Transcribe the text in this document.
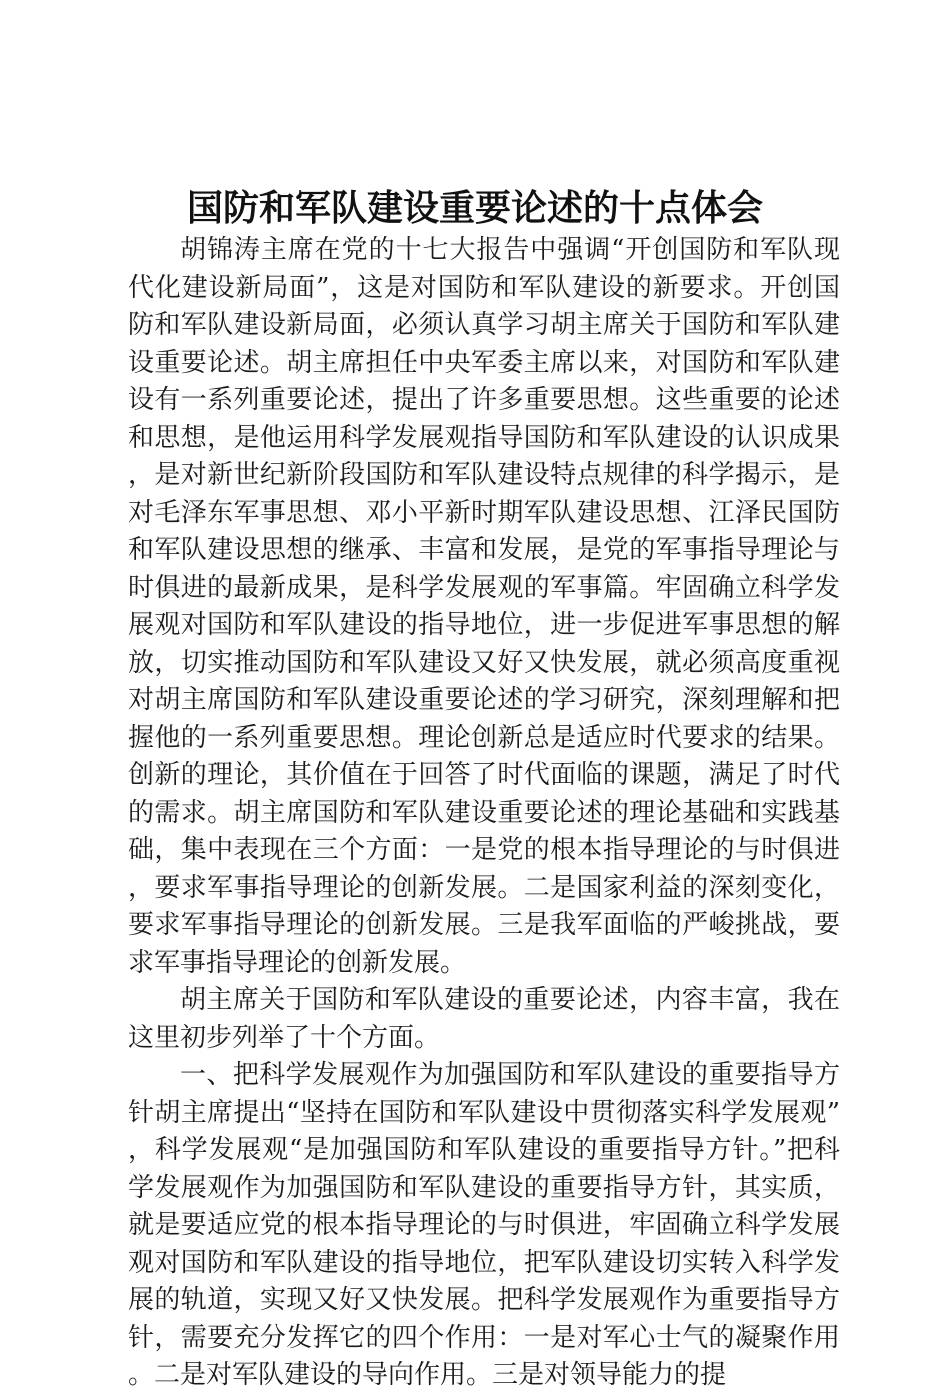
国防和军队建设重要论述的十点体会

胡锦涛主席在党的十七大报告中强调“开创国防和军队现代化建设新局面”，这是对国防和军队建设的新要求。开创国防和军队建设新局面，必须认真学习胡主席关于国防和军队建设重要论述。胡主席担任中央军委主席以来，对国防和军队建设有一系列重要论述，提出了许多重要思想。这些重要的论述和思想，是他运用科学发展观指导国防和军队建设的认识成果，是对新世纪新阶段国防和军队建设特点规律的科学揭示，是对毛泽东军事思想、邓小平新时期军队建设思想、江泽民国防和军队建设思想的继承、丰富和发展，是党的军事指导理论与时俱进的最新成果，是科学发展观的军事篇。牢固确立科学发展观对国防和军队建设的指导地位，进一步促进军事思想的解放，切实推动国防和军队建设又好又快发展，就必须高度重视对胡主席国防和军队建设重要论述的学习研究，深刻理解和把握他的一系列重要思想。理论创新总是适应时代要求的结果。创新的理论，其价值在于回答了时代面临的课题，满足了时代的需求。胡主席国防和军队建设重要论述的理论基础和实践基础，集中表现在三个方面：一是党的根本指导理论的与时俱进，要求军事指导理论的创新发展。二是国家利益的深刻变化，要求军事指导理论的创新发展。三是我军面临的严峻挑战，要求军事指导理论的创新发展。

胡主席关于国防和军队建设的重要论述，内容丰富，我在这里初步列举了十个方面。

一、把科学发展观作为加强国防和军队建设的重要指导方针胡主席提出“坚持在国防和军队建设中贯彻落实科学发展观”，科学发展观“是加强国防和军队建设的重要指导方针。”把科学发展观作为加强国防和军队建设的重要指导方针，其实质，就是要适应党的根本指导理论的与时俱进，牢固确立科学发展观对国防和军队建设的指导地位，把军队建设切实转入科学发展的轨道，实现又好又快发展。把科学发展观作为重要指导方针，需要充分发挥它的四个作用：一是对军心士气的凝聚作用。二是对军队建设的导向作用。三是对领导能力的提
